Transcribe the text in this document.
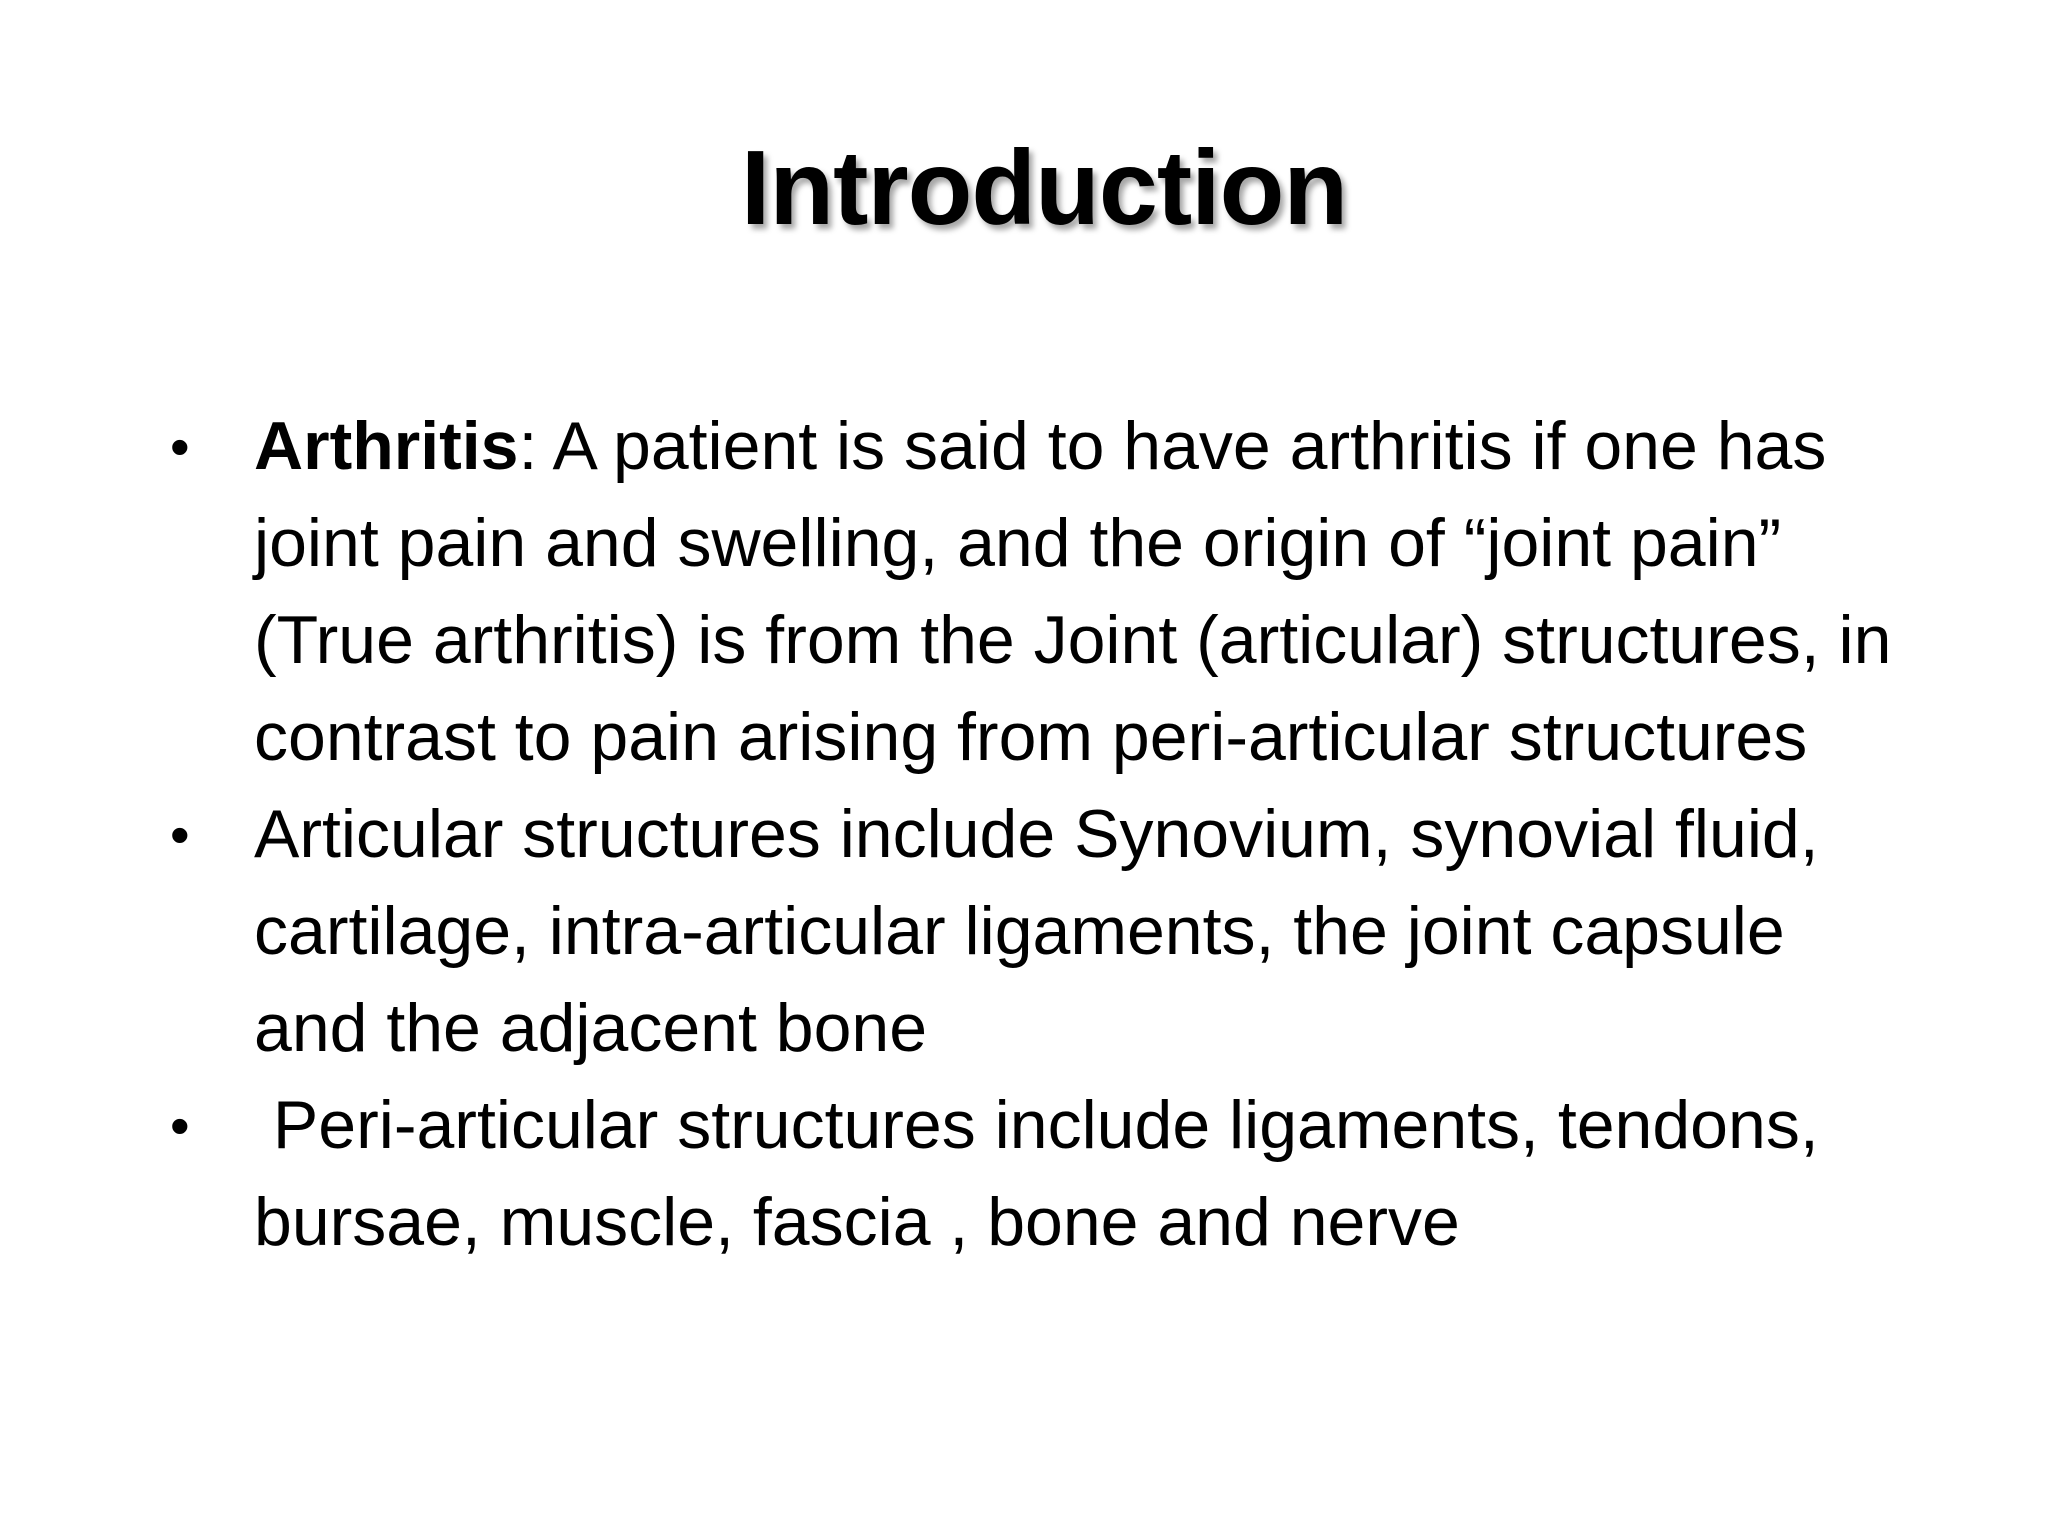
Introduction
• Arthritis: A patient is said to have arthritis if one has joint pain and swelling, and the origin of “joint pain” (True arthritis) is from the Joint (articular) structures, in contrast to pain arising from peri-articular structures
• Articular structures include Synovium, synovial fluid, cartilage, intra-articular ligaments, the joint capsule and the adjacent bone
• Peri-articular structures include ligaments, tendons, bursae, muscle, fascia , bone and nerve
